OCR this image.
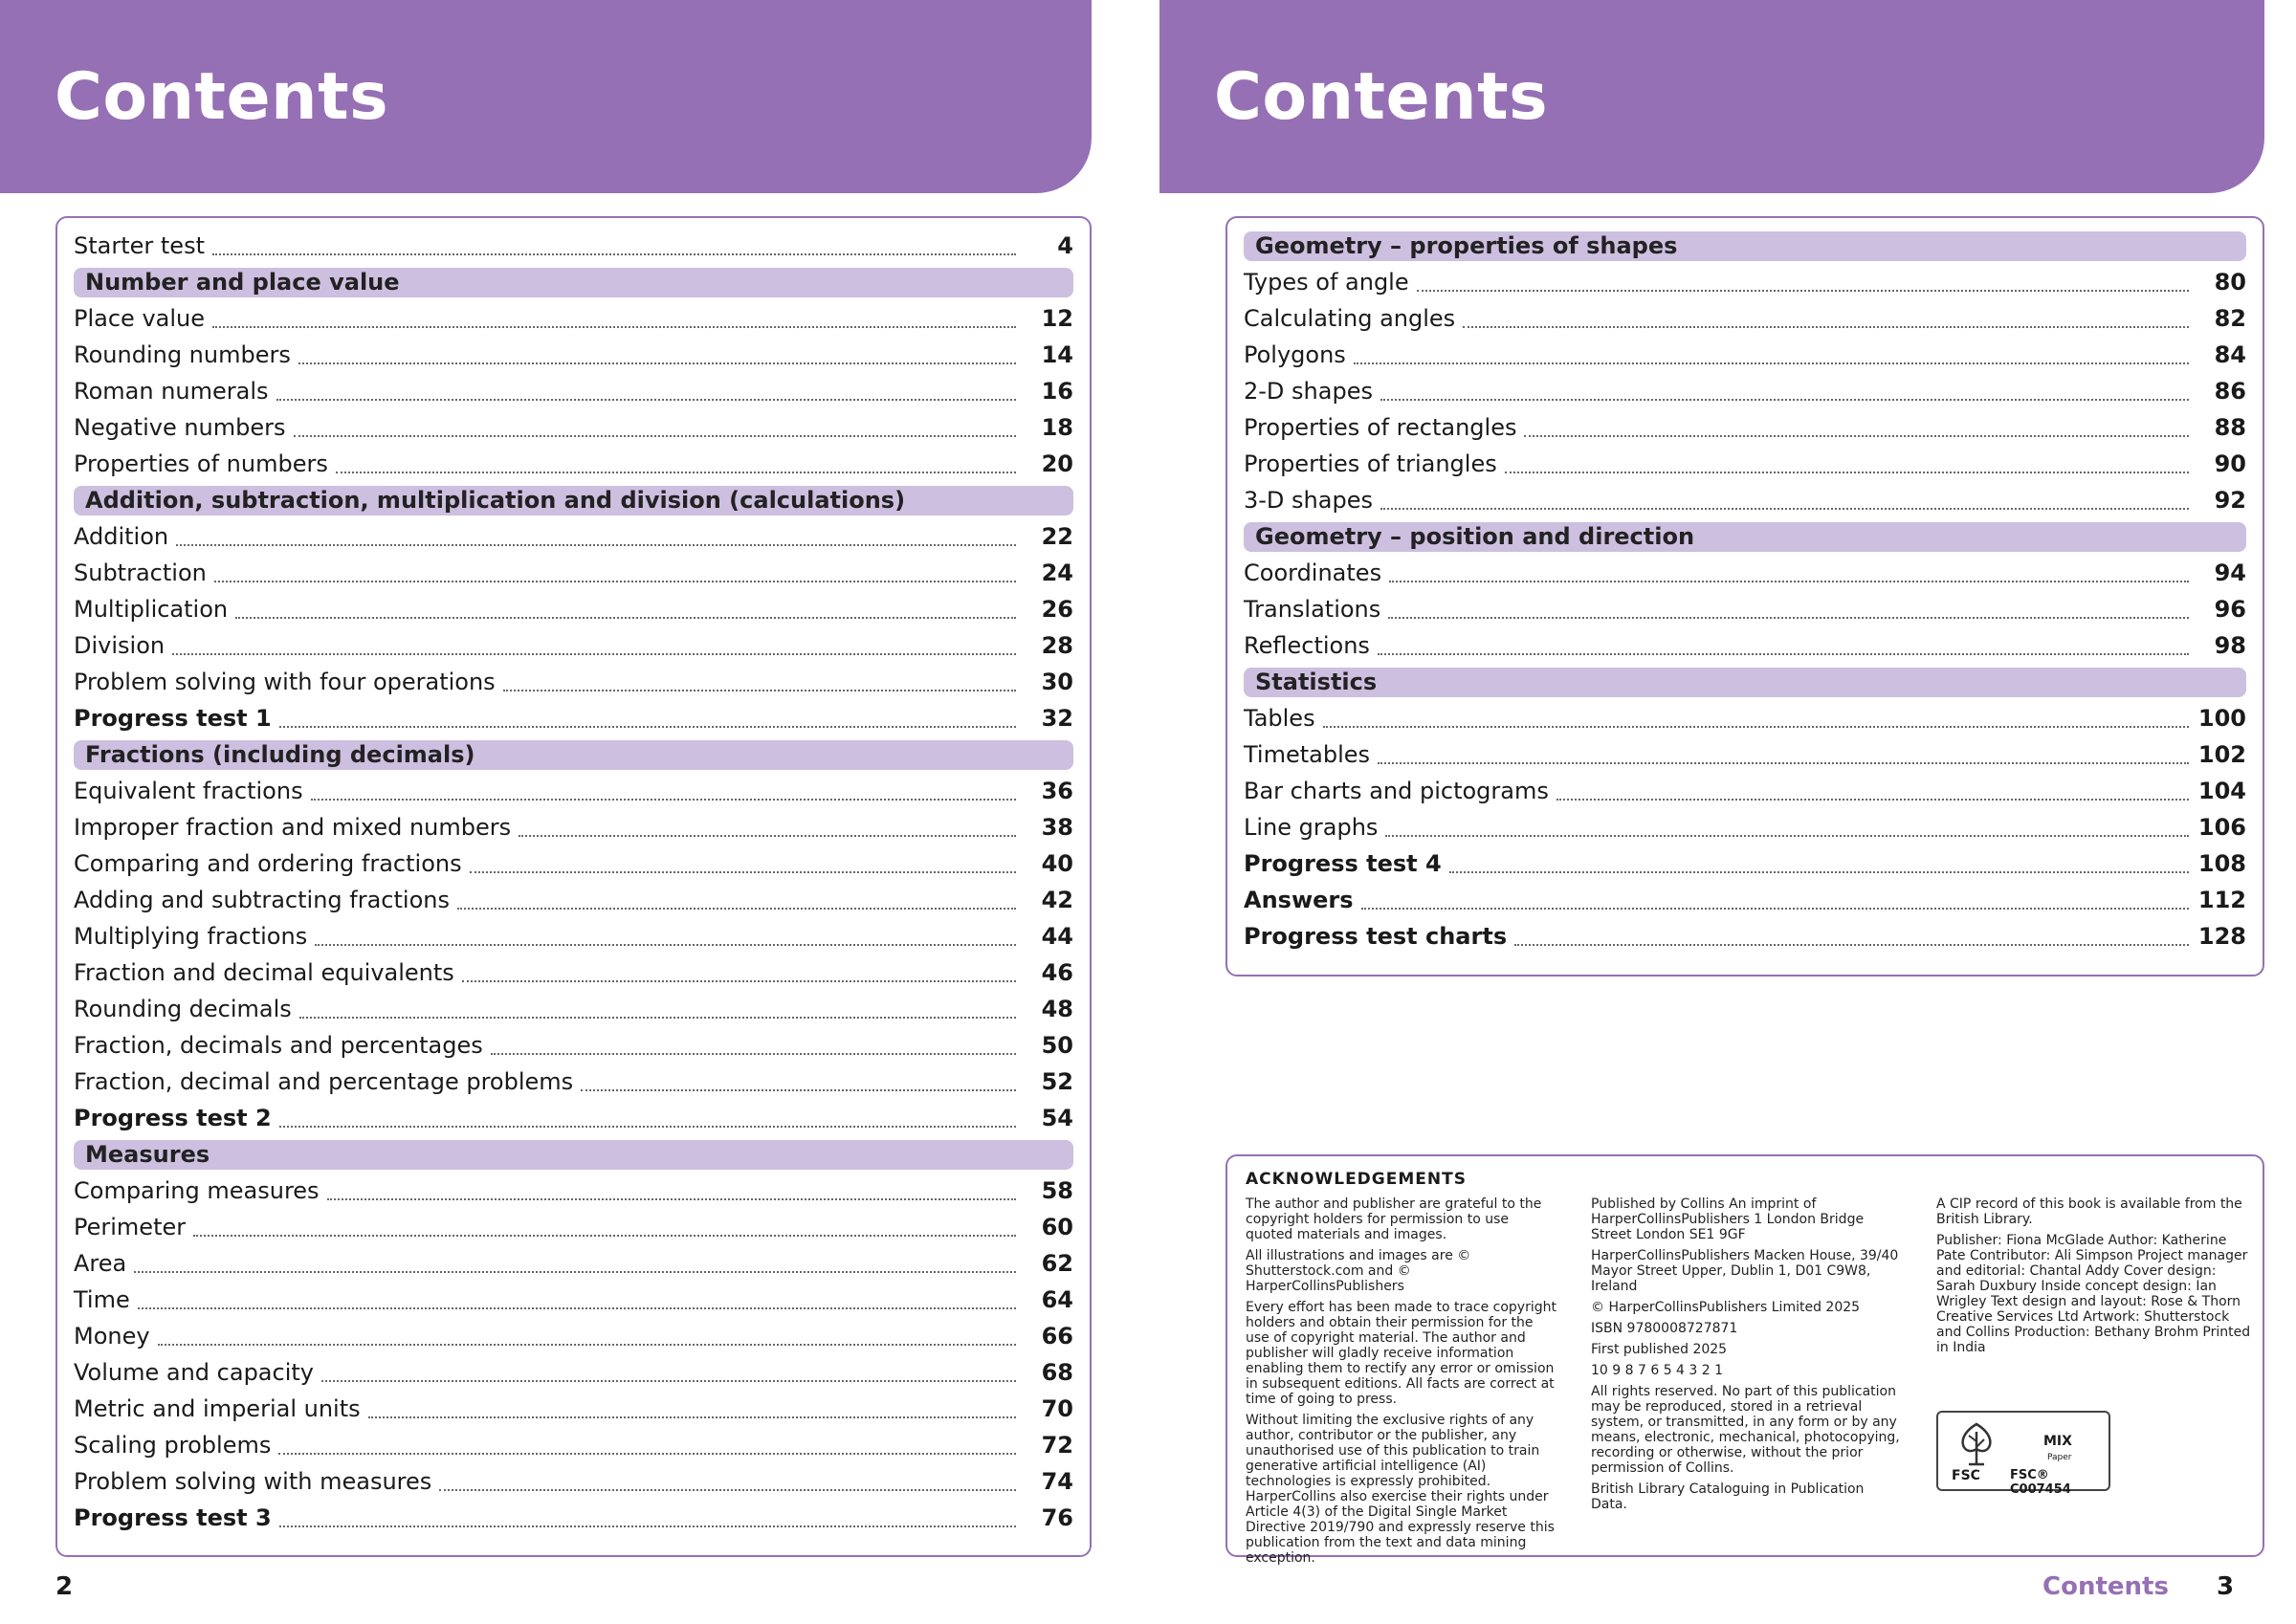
Contents	Contents
Starter test	4
Number and place value
Place value	12
Rounding numbers	14
Roman numerals	16
Negative numbers	18
Properties of numbers	20
Addition, subtraction, multiplication and division (calculations)
Addition	22
Subtraction	24
Multiplication	26
Division	28
Problem solving with four operations	30
Progress test 1	32
Fractions (including decimals)
Equivalent fractions	36
Improper fraction and mixed numbers	38
Comparing and ordering fractions	40
Adding and subtracting fractions	42
Multiplying fractions	44
Fraction and decimal equivalents	46
Rounding decimals	48
Fraction, decimals and percentages	50
Fraction, decimal and percentage problems	52
Progress test 2	54
Measures
Comparing measures	58
Perimeter	60
Area	62
Time	64
Money	66
Volume and capacity	68
Metric and imperial units	70
Scaling problems	72
Problem solving with measures	74
Progress test 3	76
Geometry – properties of shapes
Types of angle	80
Calculating angles	82
Polygons	84
2-D shapes	86
Properties of rectangles	88
Properties of triangles	90
3-D shapes	92
Geometry – position and direction
Coordinates	94
Translations	96
Reflections	98
Statistics
Tables	100
Timetables	102
Bar charts and pictograms	104
Line graphs	106
Progress test 4	108
Answers	112
Progress test charts	128
ACKNOWLEDGEMENTS

The author and publisher are grateful to the copyright holders for permission to use quoted materials and images.

All illustrations and images are © Shutterstock.com and © HarperCollinsPublishers

Every effort has been made to trace copyright holders and obtain their permission for the use of copyright material. The author and publisher will gladly receive information enabling them to rectify any error or omission in subsequent editions. All facts are correct at time of going to press.

Without limiting the exclusive rights of any author, contributor or the publisher, any unauthorised use of this publication to train generative artificial intelligence (AI) technologies is expressly prohibited. HarperCollins also exercise their rights under Article 4(3) of the Digital Single Market Directive 2019/790 and expressly reserve this publication from the text and data mining exception.

Published by Collins An imprint of HarperCollinsPublishers 1 London Bridge Street London SE1 9GF

HarperCollinsPublishers Macken House, 39/40 Mayor Street Upper, Dublin 1, D01 C9W8, Ireland

© HarperCollinsPublishers Limited 2025

ISBN 9780008727871

First published 2025

10 9 8 7 6 5 4 3 2 1

All rights reserved. No part of this publication may be reproduced, stored in a retrieval system, or transmitted, in any form or by any means, electronic, mechanical, photocopying, recording or otherwise, without the prior permission of Collins.

British Library Cataloguing in Publication Data.

A CIP record of this book is available from the British Library.

Publisher: Fiona McGlade Author: Katherine Pate Contributor: Ali Simpson Project manager and editorial: Chantal Addy Cover design: Sarah Duxbury Inside concept design: Ian Wrigley Text design and layout: Rose & Thorn Creative Services Ltd Artwork: Shutterstock and Collins Production: Bethany Brohm Printed in India

FSC
MIX
Paper
FSC® C007454
2	Contents 3
